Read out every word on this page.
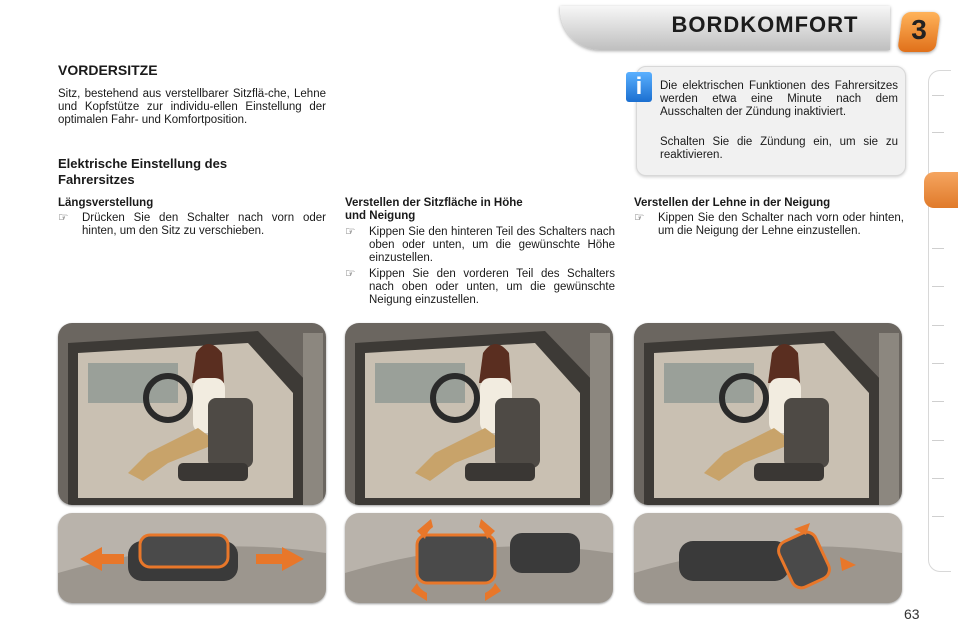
BORDKOMFORT	3
VORDERSITZE
Sitz, bestehend aus verstellbarer Sitzflä-che, Lehne und Kopfstütze zur individu-ellen Einstellung der optimalen Fahr- und Komfortposition.
Elektrische Einstellung des
Fahrersitzes
Längsverstellung
☞ Drücken Sie den Schalter nach vorn oder hinten, um den Sitz zu verschieben.
Verstellen der Sitzfläche in Höhe
und Neigung
☞ Kippen Sie den hinteren Teil des Schalters nach oben oder unten, um die gewünschte Höhe einzustellen.
☞ Kippen Sie den vorderen Teil des Schalters nach oben oder unten, um die gewünschte Neigung einzustellen.
Verstellen der Lehne in der Neigung
☞ Kippen Sie den Schalter nach vorn oder hinten, um die Neigung der Lehne einzustellen.
i	Die elektrischen Funktionen des Fahrersitzes werden etwa eine Minute nach dem Ausschalten der Zündung inaktiviert.
Schalten Sie die Zündung ein, um sie zu reaktivieren.
63
